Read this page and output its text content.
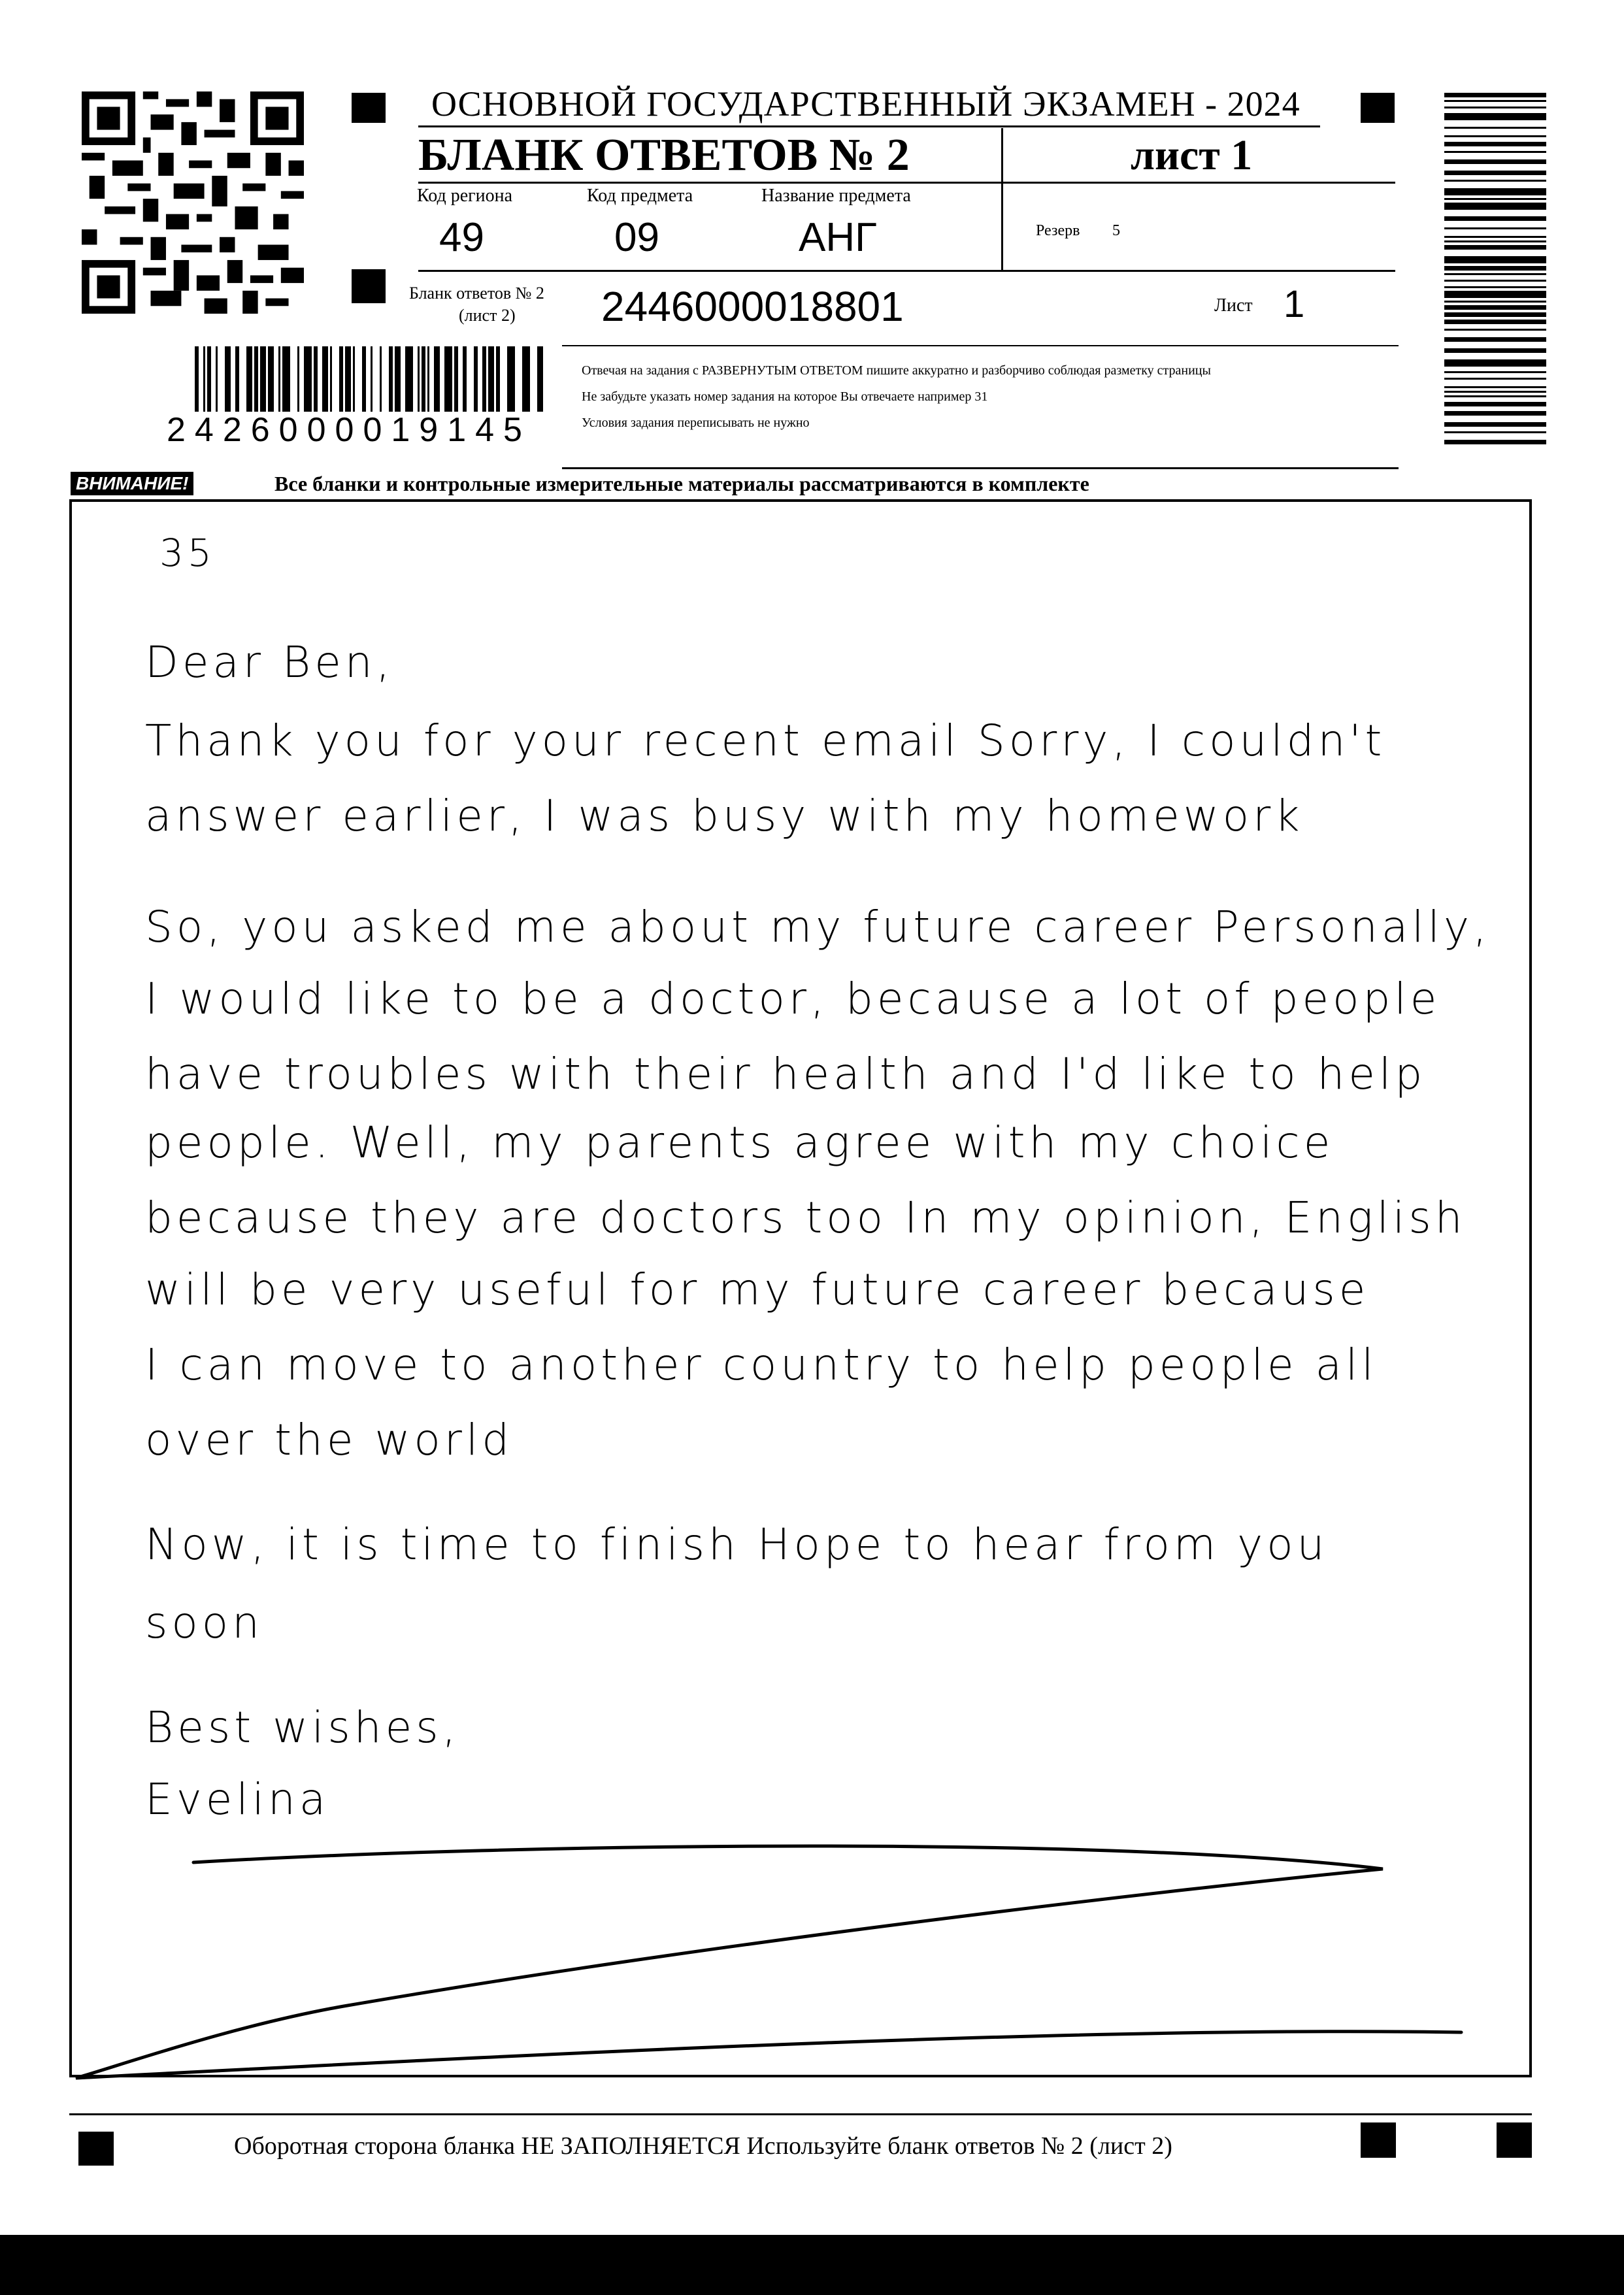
2426000019145
ОСНОВНОЙ ГОСУДАРСТВЕННЫЙ ЭКЗАМЕН - 2024
БЛАНК ОТВЕТОВ № 2	лист 1
Код региона
49
Код предмета
09
Название предмета
АНГ	Резерв 5
Бланк ответов № 2
(лист 2) 2446000018801	Лист 1
Отвечая на задания с РАЗВЕРНУТЫМ ОТВЕТОМ пишите аккуратно и разборчиво соблюдая разметку страницы
Не забудьте указать номер задания на которое Вы отвечаете например 31
Условия задания переписывать не нужно
ВНИМАНИЕ!	Все бланки и контрольные измерительные материалы рассматриваются в комплекте
35
Dear Ben,
Thank you for your recent email Sorry, I couldn't
answer earlier, I was busy with my homework
So, you asked me about my future career Personally,
I would like to be a doctor, because a lot of people
have troubles with their health and I'd like to help
people. Well, my parents agree with my choice
because they are doctors too In my opinion, English
will be very useful for my future career because
I can move to another country to help people all
over the world
Now, it is time to finish Hope to hear from you
soon
Best wishes,
Evelina
Оборотная сторона бланка НЕ ЗАПОЛНЯЕТСЯ Используйте бланк ответов № 2 (лист 2)
